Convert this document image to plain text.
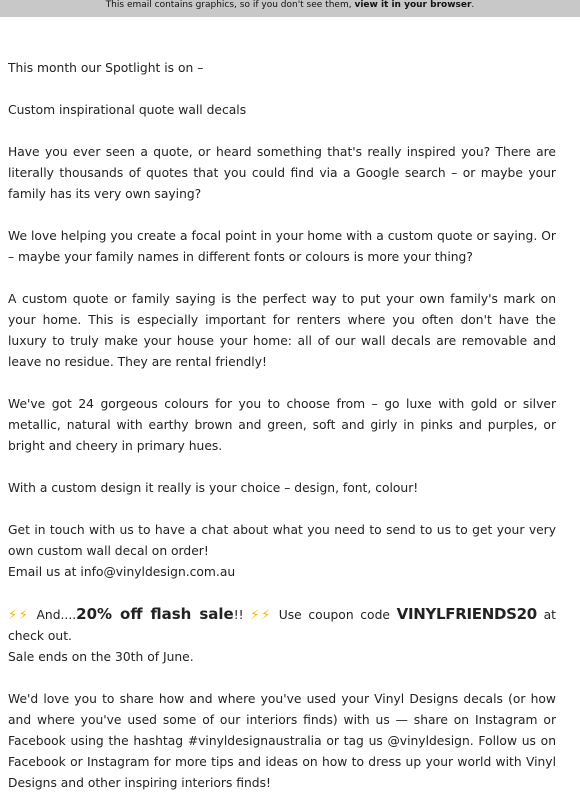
This email contains graphics, so if you don't see them, view it in your browser.

This month our Spotlight is on –

Custom inspirational quote wall decals

Have you ever seen a quote, or heard something that's really inspired you? There are literally thousands of quotes that you could find via a Google search – or maybe your family has its very own saying?

We love helping you create a focal point in your home with a custom quote or saying. Or – maybe your family names in different fonts or colours is more your thing?

A custom quote or family saying is the perfect way to put your own family's mark on your home. This is especially important for renters where you often don't have the luxury to truly make your house your home: all of our wall decals are removable and leave no residue. They are rental friendly!

We've got 24 gorgeous colours for you to choose from – go luxe with gold or silver metallic, natural with earthy brown and green, soft and girly in pinks and purples, or bright and cheery in primary hues.

With a custom design it really is your choice – design, font, colour!

Get in touch with us to have a chat about what you need to send to us to get your very own custom wall decal on order!

Email us at info@vinyldesign.com.au

⚡⚡ And....20% off flash sale!! ⚡⚡ Use coupon code VINYLFRIENDS20 at check out.

Sale ends on the 30th of June.

We'd love you to share how and where you've used your Vinyl Designs decals (or how and where you've used some of our interiors finds) with us — share on Instagram or Facebook using the hashtag #vinyldesignaustralia or tag us @vinyldesign. Follow us on Facebook or Instagram for more tips and ideas on how to dress up your world with Vinyl Designs and other inspiring interiors finds!
